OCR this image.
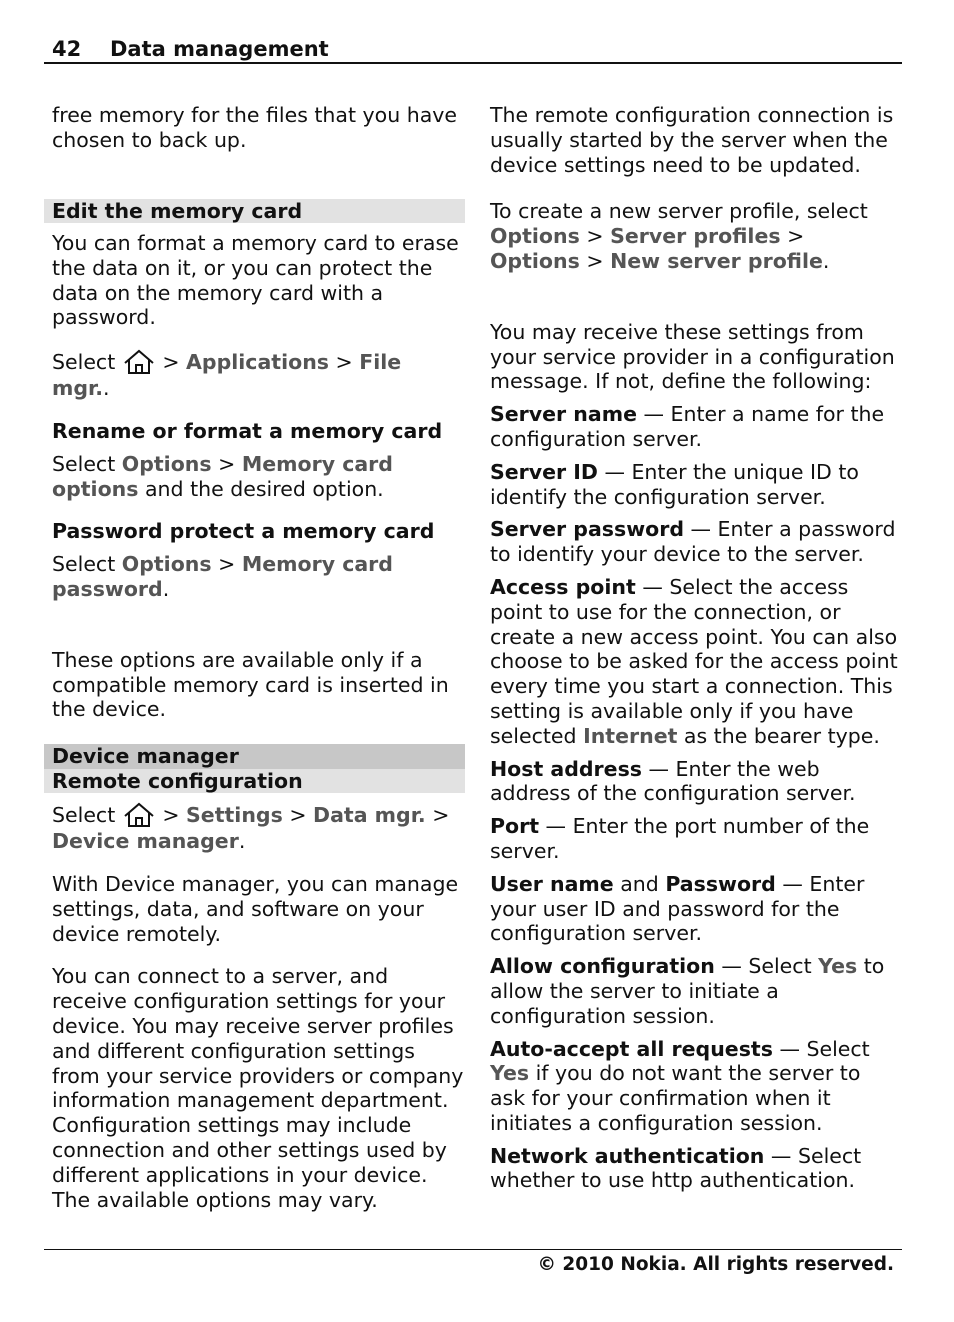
42 Data management

free memory for the files that you have chosen to back up.

Edit the memory card

You can format a memory card to erase the data on it, or you can protect the data on the memory card with a password.

Select > Applications > File mgr..

Rename or format a memory card

Select Options > Memory card options and the desired option.

Password protect a memory card

Select Options > Memory card password.

These options are available only if a compatible memory card is inserted in the device.

Device manager
Remote configuration

Select > Settings > Data mgr. > Device manager.

With Device manager, you can manage settings, data, and software on your device remotely.

You can connect to a server, and receive configuration settings for your device. You may receive server profiles and different configuration settings from your service providers or company information management department. Configuration settings may include connection and other settings used by different applications in your device. The available options may vary.

The remote configuration connection is usually started by the server when the device settings need to be updated.

To create a new server profile, select Options > Server profiles > Options > New server profile.

You may receive these settings from your service provider in a configuration message. If not, define the following:

Server name — Enter a name for the configuration server.

Server ID — Enter the unique ID to identify the configuration server.

Server password — Enter a password to identify your device to the server.

Access point — Select the access point to use for the connection, or create a new access point. You can also choose to be asked for the access point every time you start a connection. This setting is available only if you have selected Internet as the bearer type.

Host address — Enter the web address of the configuration server.

Port — Enter the port number of the server.

User name and Password — Enter your user ID and password for the configuration server.

Allow configuration — Select Yes to allow the server to initiate a configuration session.

Auto-accept all requests — Select Yes if you do not want the server to ask for your confirmation when it initiates a configuration session.

Network authentication — Select whether to use http authentication.

© 2010 Nokia. All rights reserved.
